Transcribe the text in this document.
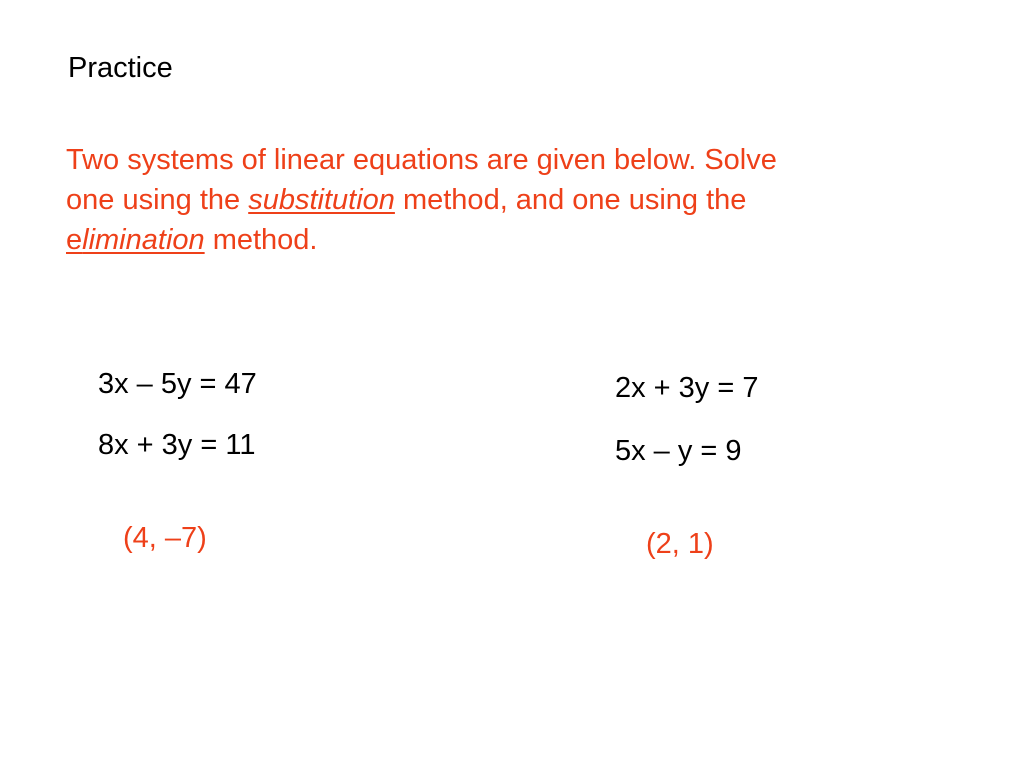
Practice
Two systems of linear equations are given below. Solve
one using the substitution method, and one using the
elimination method.
3x – 5y = 47
8x + 3y = 11
2x + 3y = 7
5x – y = 9
(4, –7)	(2, 1)
